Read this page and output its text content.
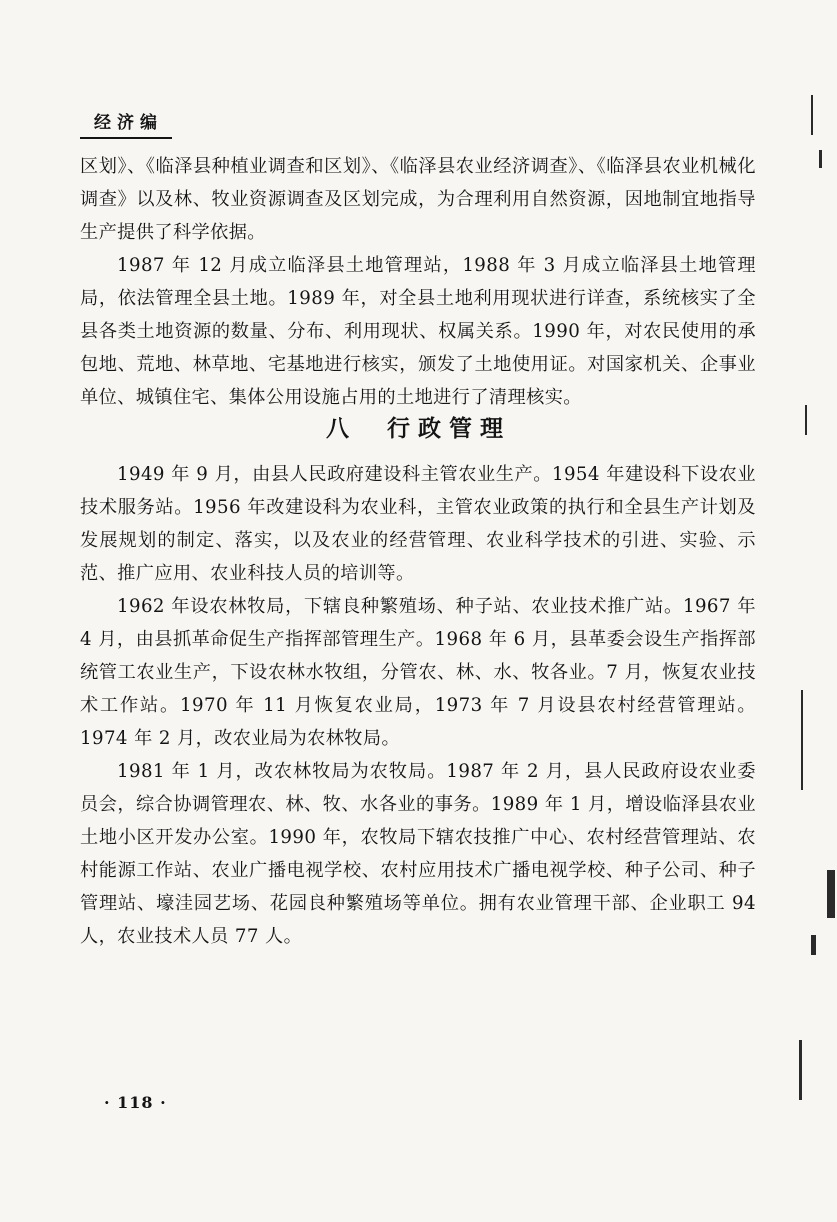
经济编

区划》、《临泽县种植业调查和区划》、《临泽县农业经济调查》、《临泽县农业机械化调查》以及林、牧业资源调查及区划完成，为合理利用自然资源，因地制宜地指导生产提供了科学依据。

1987 年 12 月成立临泽县土地管理站，1988 年 3 月成立临泽县土地管理局，依法管理全县土地。1989 年，对全县土地利用现状进行详查，系统核实了全县各类土地资源的数量、分布、利用现状、权属关系。1990 年，对农民使用的承包地、荒地、林草地、宅基地进行核实，颁发了土地使用证。对国家机关、企事业单位、城镇住宅、集体公用设施占用的土地进行了清理核实。

八 行政管理

1949 年 9 月，由县人民政府建设科主管农业生产。1954 年建设科下设农业技术服务站。1956 年改建设科为农业科，主管农业政策的执行和全县生产计划及发展规划的制定、落实，以及农业的经营管理、农业科学技术的引进、实验、示范、推广应用、农业科技人员的培训等。

1962 年设农林牧局，下辖良种繁殖场、种子站、农业技术推广站。1967 年 4 月，由县抓革命促生产指挥部管理生产。1968 年 6 月，县革委会设生产指挥部统管工农业生产，下设农林水牧组，分管农、林、水、牧各业。7 月，恢复农业技术工作站。1970 年 11 月恢复农业局，1973 年 7 月设县农村经营管理站。1974 年 2 月，改农业局为农林牧局。

1981 年 1 月，改农林牧局为农牧局。1987 年 2 月，县人民政府设农业委员会，综合协调管理农、林、牧、水各业的事务。1989 年 1 月，增设临泽县农业土地小区开发办公室。1990 年，农牧局下辖农技推广中心、农村经营管理站、农村能源工作站、农业广播电视学校、农村应用技术广播电视学校、种子公司、种子管理站、壕洼园艺场、花园良种繁殖场等单位。拥有农业管理干部、企业职工 94 人，农业技术人员 77 人。

· 118 ·
